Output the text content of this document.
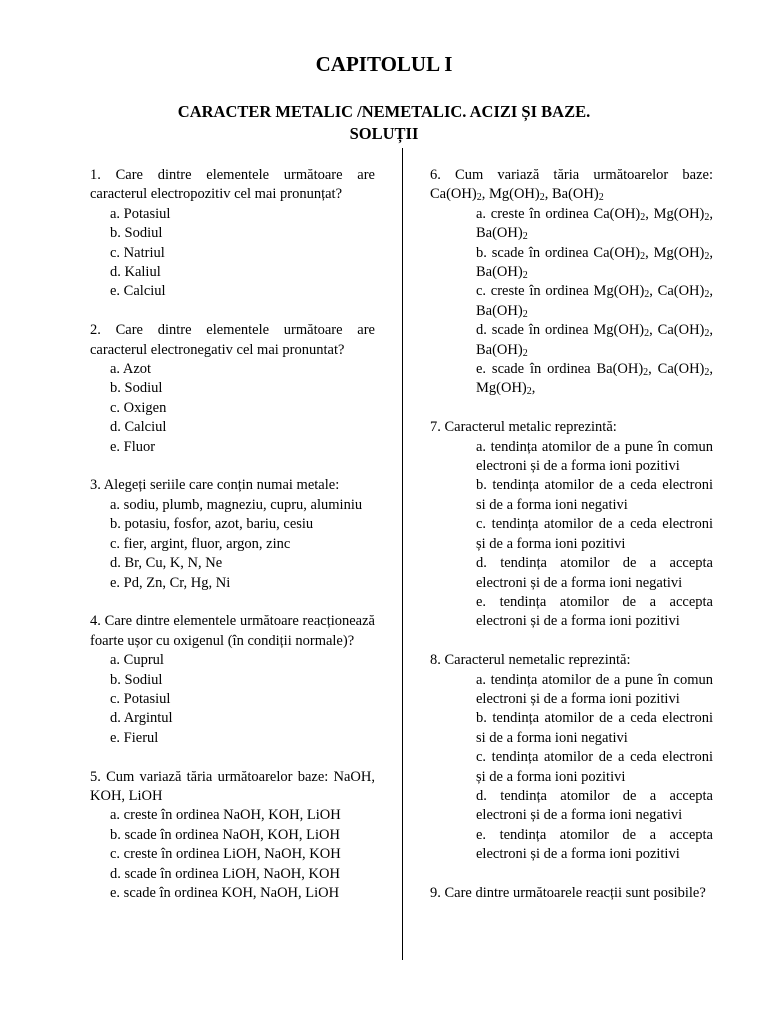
CAPITOLUL I
CARACTER METALIC /NEMETALIC. ACIZI ȘI BAZE.
SOLUȚII
1. Care dintre elementele următoare are caracterul electropozitiv cel mai pronunțat?
a. Potasiul
b. Sodiul
c. Natriul
d. Kaliul
e. Calciul
2. Care dintre elementele următoare are caracterul electronegativ cel mai pronuntat?
a. Azot
b. Sodiul
c. Oxigen
d. Calciul
e. Fluor
3. Alegeți seriile care conțin numai metale:
a. sodiu, plumb, magneziu, cupru, aluminiu
b. potasiu, fosfor, azot, bariu, cesiu
c. fier, argint, fluor, argon, zinc
d. Br, Cu, K, N, Ne
e. Pd, Zn, Cr, Hg, Ni
4. Care dintre elementele următoare reacționează foarte ușor cu oxigenul (în condiții normale)?
a. Cuprul
b. Sodiul
c. Potasiul
d. Argintul
e. Fierul
5. Cum variază tăria următoarelor baze: NaOH, KOH, LiOH
a. creste în ordinea NaOH, KOH, LiOH
b. scade în ordinea NaOH, KOH, LiOH
c. creste în ordinea LiOH, NaOH, KOH
d. scade în ordinea LiOH, NaOH, KOH
e. scade în ordinea KOH, NaOH, LiOH
6. Cum variază tăria următoarelor baze: $Ca(OH)_2$, $Mg(OH)_2$, $Ba(OH)_2$
a. creste în ordinea $Ca(OH)_2$, $Mg(OH)_2$, $Ba(OH)_2$
b. scade în ordinea $Ca(OH)_2$, $Mg(OH)_2$, $Ba(OH)_2$
c. creste în ordinea $Mg(OH)_2$, $Ca(OH)_2$, $Ba(OH)_2$
d. scade în ordinea $Mg(OH)_2$, $Ca(OH)_2$, $Ba(OH)_2$
e. scade în ordinea $Ba(OH)_2$, $Ca(OH)_2$, $Mg(OH)_2$,
7. Caracterul metalic reprezintă:
a. tendința atomilor de a pune în comun electroni și de a forma ioni pozitivi
b. tendința atomilor de a ceda electroni si de a forma ioni negativi
c. tendința atomilor de a ceda electroni și de a forma ioni pozitivi
d. tendința atomilor de a accepta electroni și de a forma ioni negativi
e. tendința atomilor de a accepta electroni și de a forma ioni pozitivi
8. Caracterul nemetalic reprezintă:
a. tendința atomilor de a pune în comun electroni și de a forma ioni pozitivi
b. tendința atomilor de a ceda electroni si de a forma ioni negativi
c. tendința atomilor de a ceda electroni și de a forma ioni pozitivi
d. tendința atomilor de a accepta electroni și de a forma ioni negativi
e. tendința atomilor de a accepta electroni și de a forma ioni pozitivi
9. Care dintre următoarele reacții sunt posibile?
